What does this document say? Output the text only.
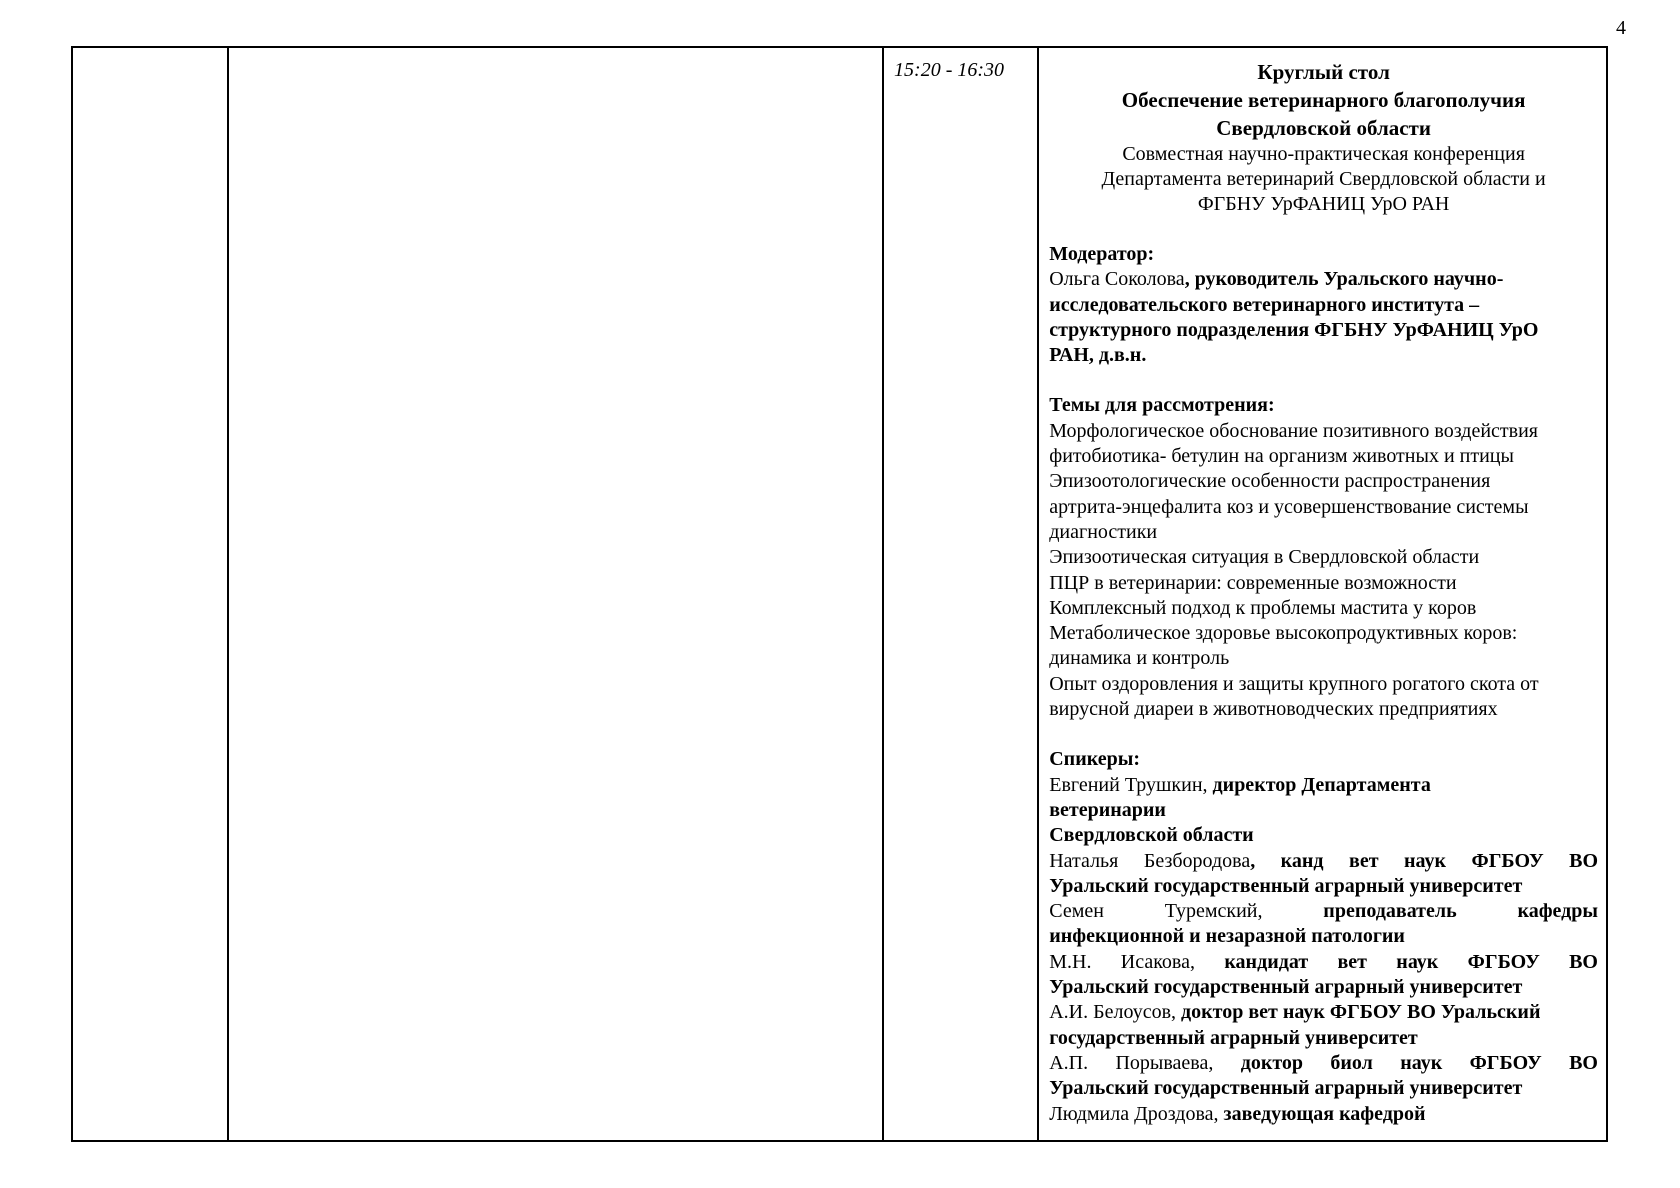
4
		15:20 - 16:30	Круглый стол
Обеспечение ветеринарного благополучия
Свердловской области
Совместная научно-практическая конференция
Департамента ветеринарий Свердловской области и
ФГБНУ УрФАНИЦ УрО РАН
Модератор:
Ольга Соколова, руководитель Уральского научно-
исследовательского ветеринарного института –
структурного подразделения ФГБНУ УрФАНИЦ УрО
РАН, д.в.н.
Темы для рассмотрения:
Морфологическое обоснование позитивного воздействия
фитобиотика- бетулин на организм животных и птицы
Эпизоотологические особенности распространения
артрита-энцефалита коз и усовершенствование системы
диагностики
Эпизоотическая ситуация в Свердловской области
ПЦР в ветеринарии: современные возможности
Комплексный подход к проблемы мастита у коров
Метаболическое здоровье высокопродуктивных коров:
динамика и контроль
Опыт оздоровления и защиты крупного рогатого скота от
вирусной диареи в животноводческих предприятиях
Спикеры:
Евгений Трушкин, директор Департамента
ветеринарии
Свердловской области
Наталья Безбородова, канд вет наук ФГБОУ ВО
Уральский государственный аграрный университет
Семен Туремский, преподаватель кафедры
инфекционной и незаразной патологии
М.Н. Исакова, кандидат вет наук ФГБОУ ВО
Уральский государственный аграрный университет
А.И. Белоусов, доктор вет наук ФГБОУ ВО Уральский
государственный аграрный университет
А.П. Порываева, доктор биол наук ФГБОУ ВО
Уральский государственный аграрный университет
Людмила Дроздова, заведующая кафедрой
